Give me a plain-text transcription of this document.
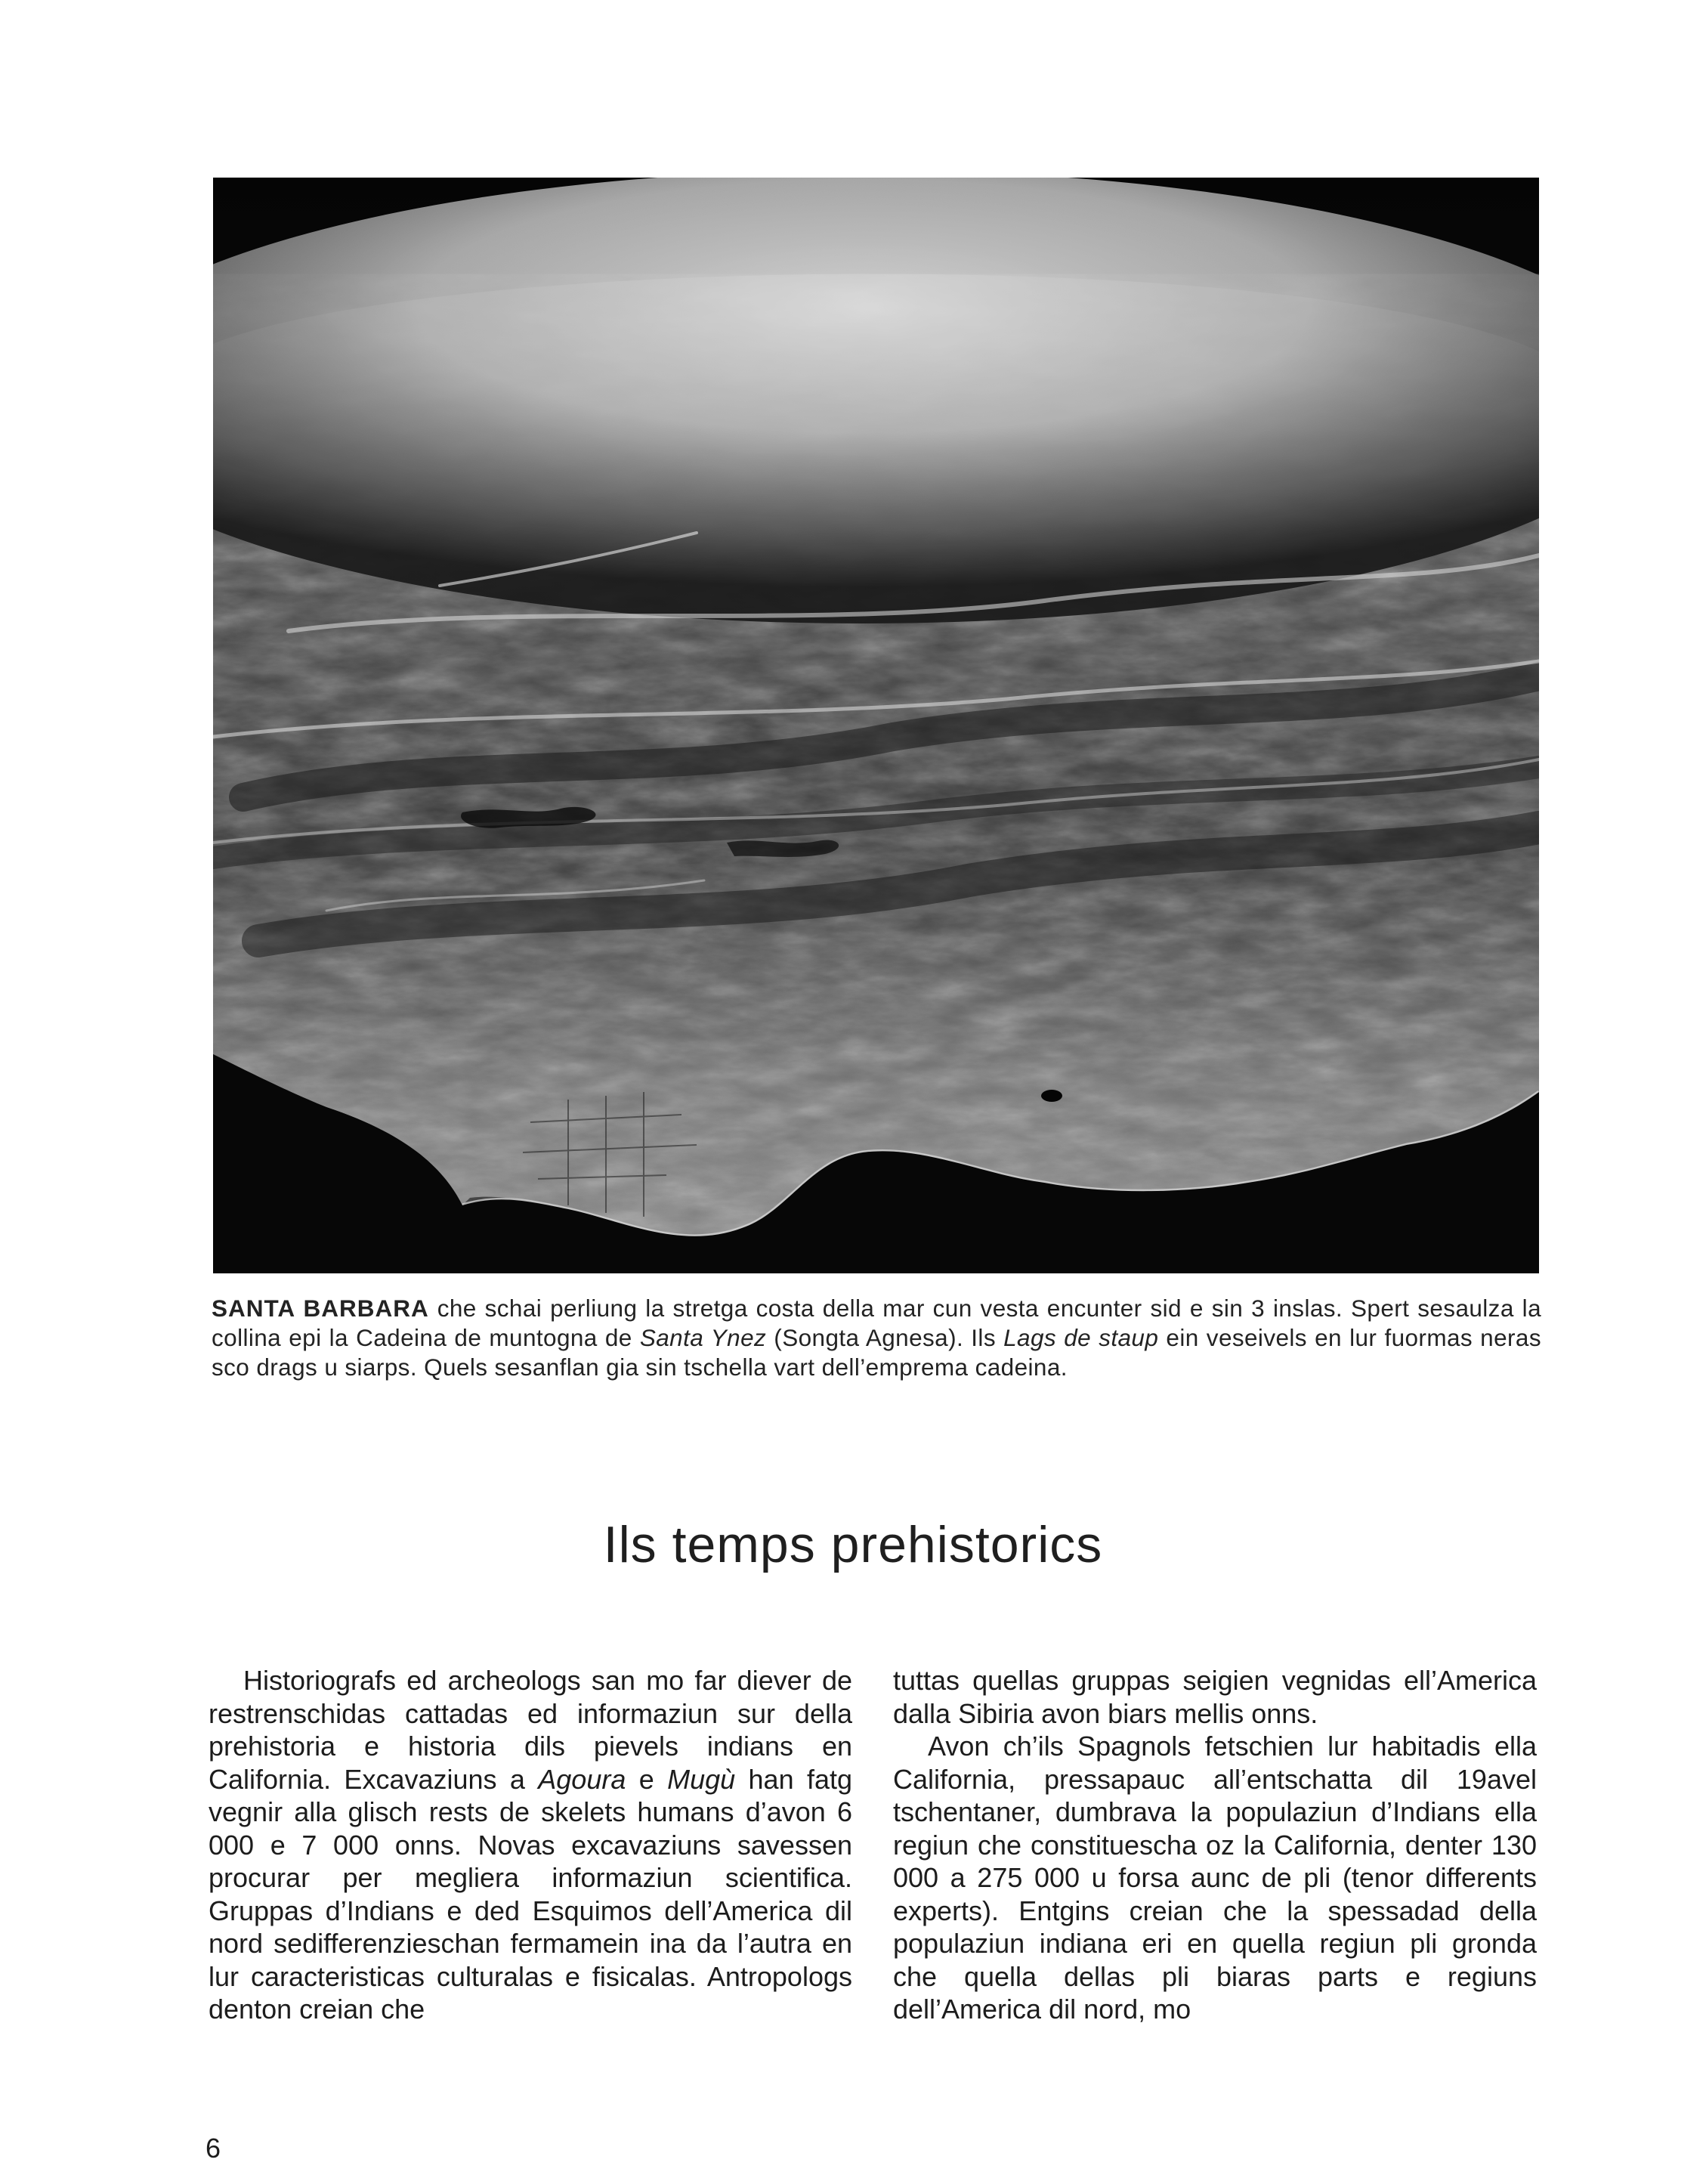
SANTA BARBARA che schai perliung la stretga costa della mar cun vesta encunter sid e sin 3 inslas. Spert sesaulza la collina epi la Cadeina de muntogna de Santa Ynez (Songta Agnesa). Ils Lags de staup ein veseivels en lur fuormas neras sco drags u siarps. Quels sesanflan gia sin tschella vart dell’emprema cadeina.
Ils temps prehistorics

Historiografs ed archeologs san mo far diever de restrenschidas cattadas ed informaziun sur della prehistoria e historia dils pievels indians en California. Excavaziuns a Agoura e Mugù han fatg vegnir alla glisch rests de skelets humans d’avon 6 000 e 7 000 onns. Novas excavaziuns savessen procurar per megliera informaziun scientifica. Gruppas d’Indians e ded Esquimos dell’America dil nord sedifferenzieschan fermamein ina da l’autra en lur caracteristicas culturalas e fisicalas. Antropologs denton creian che

tuttas quellas gruppas seigien vegnidas ell’America dalla Sibiria avon biars mellis onns.

Avon ch’ils Spagnols fetschien lur habitadis ella California, pressapauc all’entschatta dil 19avel tschentaner, dumbrava la populaziun d’Indians ella regiun che constituescha oz la California, denter 130 000 a 275 000 u forsa aunc de pli (tenor differents experts). Entgins creian che la spessadad della populaziun indiana eri en quella regiun pli gronda che quella dellas pli biaras parts e regiuns dell’America dil nord, mo

6
